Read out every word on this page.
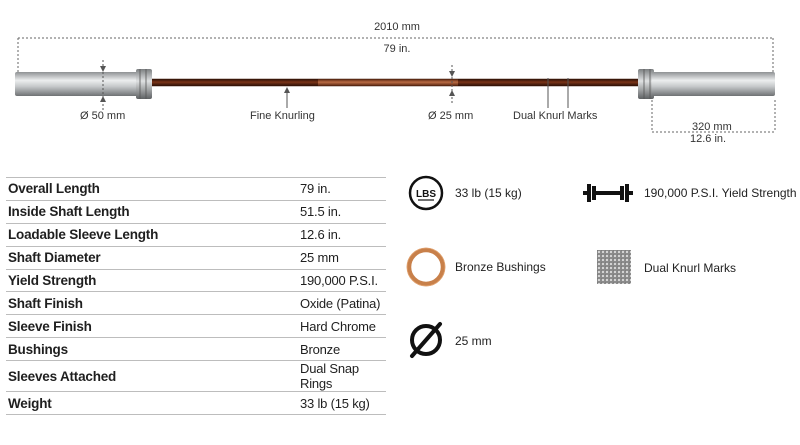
2010 mm
79 in.
Ø 50 mm	Fine Knurling	Ø 25 mm	Dual Knurl Marks
320 mm
12.6 in.
Overall Length	79 in.
Inside Shaft Length	51.5 in.
Loadable Sleeve Length	12.6 in.
Shaft Diameter	25 mm
Yield Strength	190,000 P.S.I.
Shaft Finish	Oxide (Patina)
Sleeve Finish	Hard Chrome
Bushings	Bronze
Sleeves Attached	Dual Snap Rings
Weight	33 lb (15 kg)
LBS 33 lb (15 kg)	190,000 P.S.I. Yield Strength
Bronze Bushings	Dual Knurl Marks
25 mm
